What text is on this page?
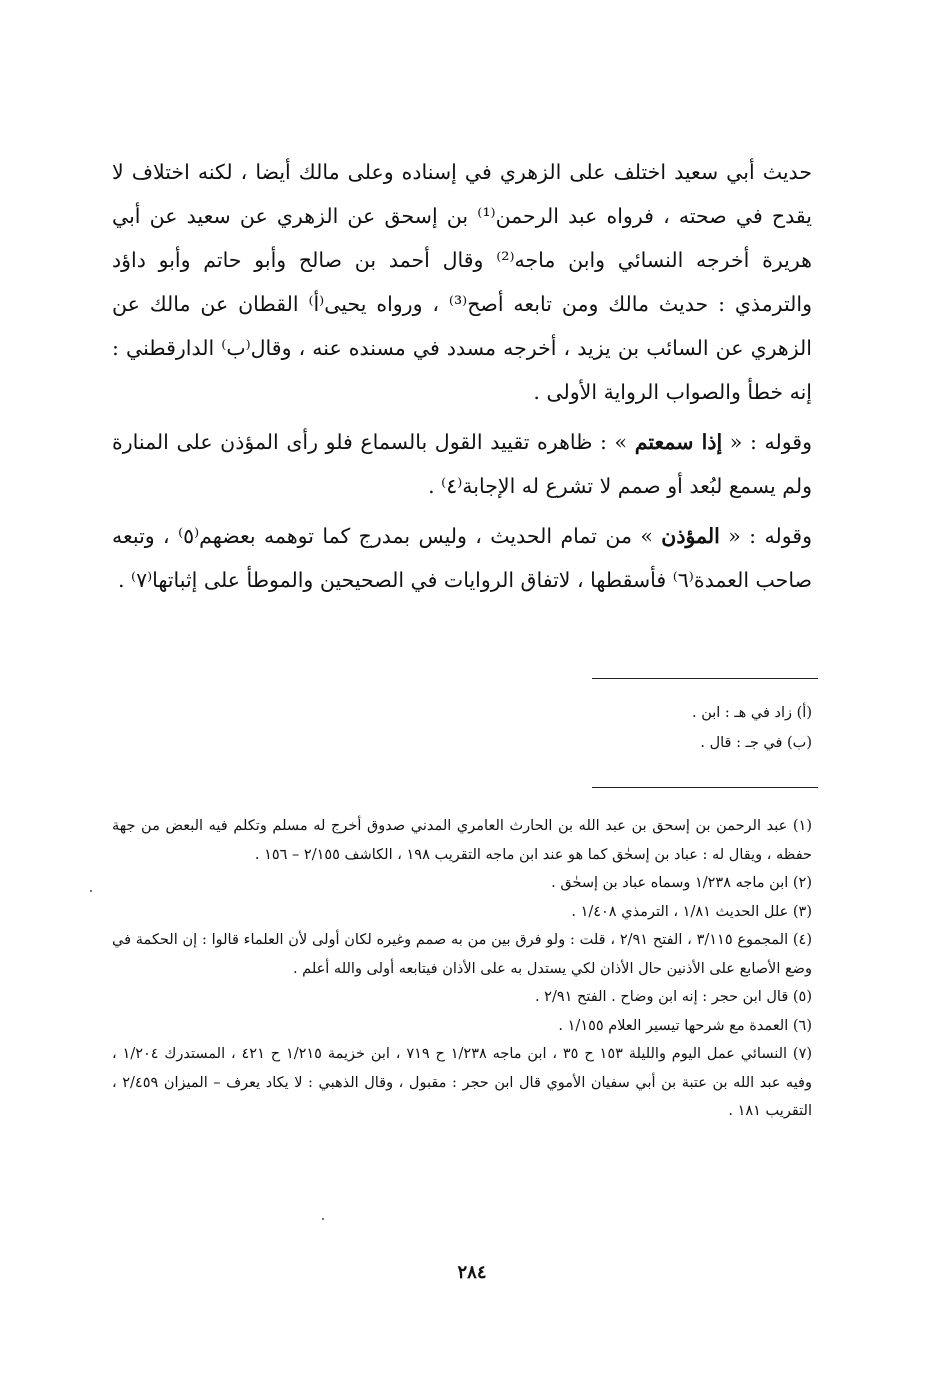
حديث أبي سعيد اختلف على الزهري في إسناده وعلى مالك أيضا ، لكنه اختلاف لا يقدح في صحته ، فرواه عبد الرحمن⁽¹⁾ بن إسحق عن الزهري عن سعيد عن أبي هريرة أخرجه النسائي وابن ماجه⁽²⁾ وقال أحمد بن صالح وأبو حاتم وأبو داؤد والترمذي : حديث مالك ومن تابعه أصح⁽³⁾ ، ورواه يحيى⁽أ⁾ القطان عن مالك عن الزهري عن السائب بن يزيد ، أخرجه مسدد في مسنده عنه ، وقال⁽ب⁾ الدارقطني : إنه خطأ والصواب الرواية الأولى .

وقوله : « إذا سمعتم » : ظاهره تقييد القول بالسماع فلو رأى المؤذن على المنارة ولم يسمع لبُعد أو صمم لا تشرع له الإجابة⁽٤⁾ .

وقوله : « المؤذن » من تمام الحديث ، وليس بمدرج كما توهمه بعضهم⁽٥⁾ ، وتبعه صاحب العمدة⁽٦⁾ فأسقطها ، لاتفاق الروايات في الصحيحين والموطأ على إثباتها⁽٧⁾ .

(أ) زاد في هـ : ابن .
(ب) في جـ : قال .
(١) عبد الرحمن بن إسحق بن عبد الله بن الحارث العامري المدني صدوق أخرج له مسلم وتكلم فيه البعض من جهة حفظه ، ويقال له : عباد بن إسحٰق كما هو عند ابن ماجه التقريب ١٩٨ ، الكاشف ٢/١٥٥ – ١٥٦ .
(٢) ابن ماجه ١/٢٣٨ وسماه عباد بن إسحٰق .
(٣) علل الحديث ١/٨١ ، الترمذي ١/٤٠٨ .
(٤) المجموع ٣/١١٥ ، الفتح ٢/٩١ ، قلت : ولو فرق بين من به صمم وغيره لكان أولى لأن العلماء قالوا : إن الحكمة في وضع الأصابع على الأذنين حال الأذان لكي يستدل به على الأذان فيتابعه أولى والله أعلم .
(٥) قال ابن حجر : إنه ابن وضاح . الفتح ٢/٩١ .
(٦) العمدة مع شرحها تيسير العلام ١/١٥٥ .
(٧) النسائي عمل اليوم والليلة ١٥٣ ح ٣٥ ، ابن ماجه ١/٢٣٨ ح ٧١٩ ، ابن خزيمة ١/٢١٥ ح ٤٢١ ، المستدرك ١/٢٠٤ ، وفيه عبد الله بن عتبة بن أبي سفيان الأموي قال ابن حجر : مقبول ، وقال الذهبي : لا يكاد يعرف – الميزان ٢/٤٥٩ ، التقريب ١٨١ .
٢٨٤
